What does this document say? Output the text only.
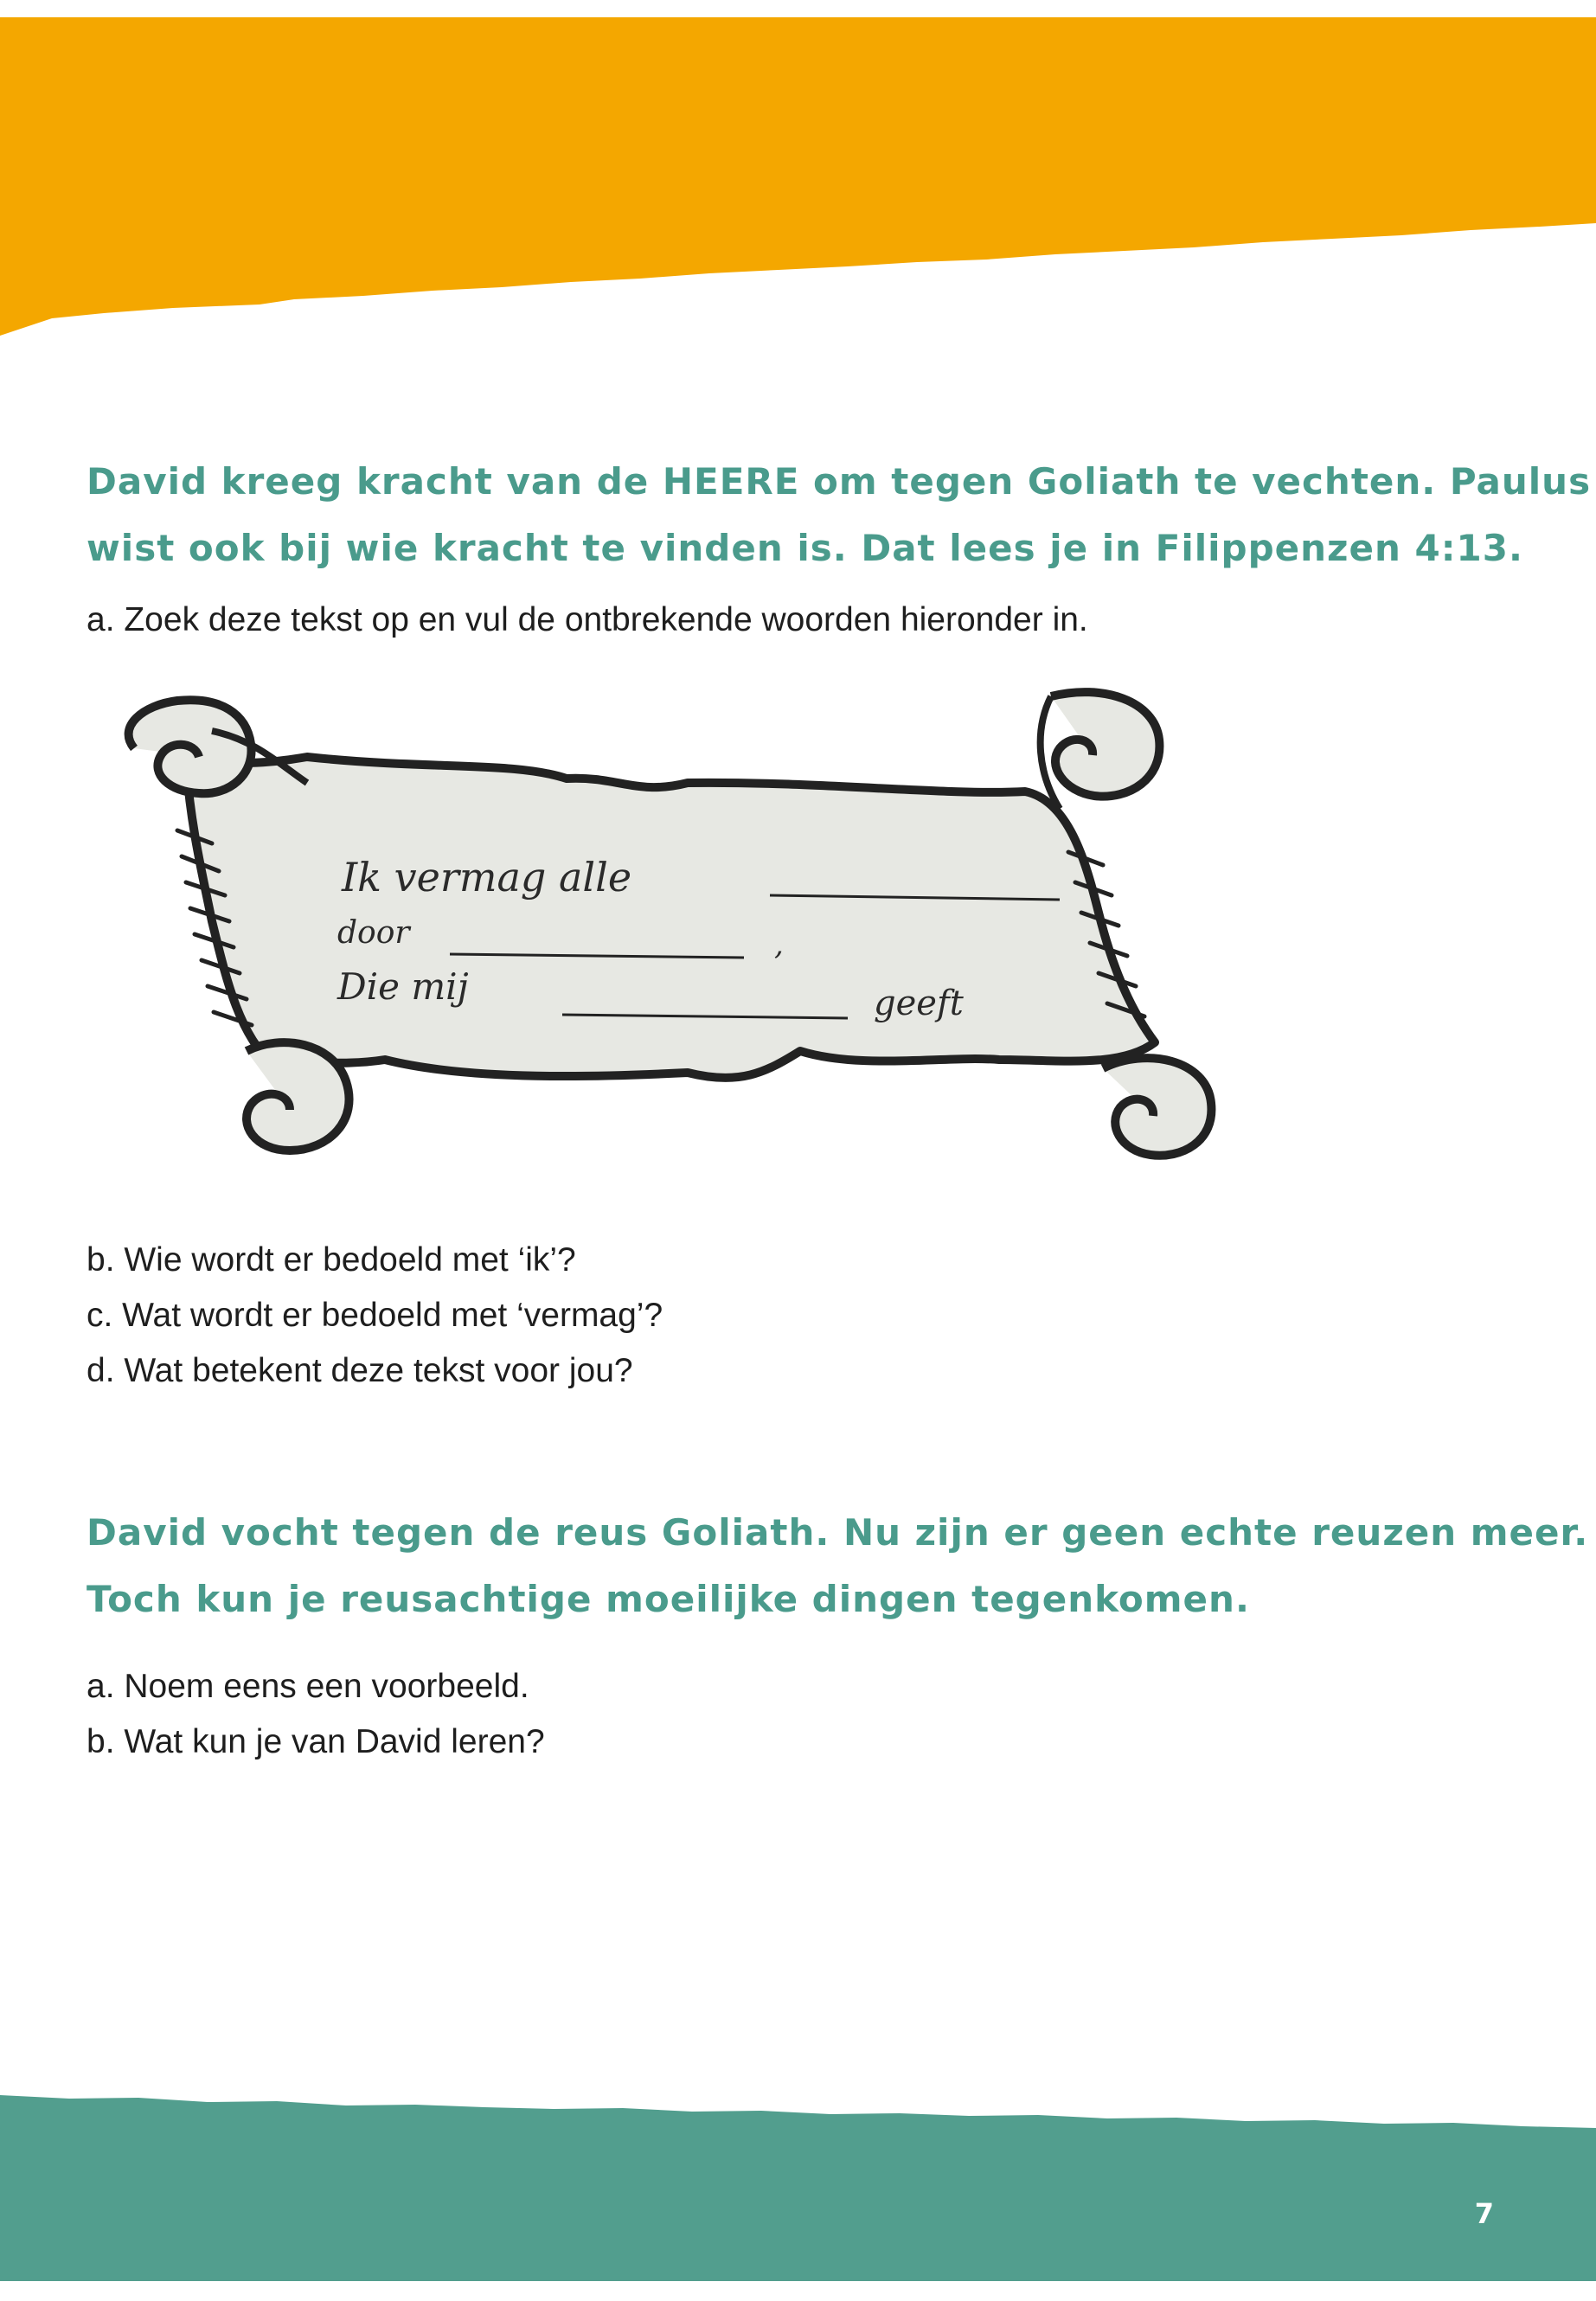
David kreeg kracht van de HEERE om tegen Goliath te vechten. Paulus
wist ook bij wie kracht te vinden is. Dat lees je in Filippenzen 4:13.
a. Zoek deze tekst op en vul de ontbrekende woorden hieronder in.
Ik vermag alle
door	,
Die mij	geeft
b. Wie wordt er bedoeld met ‘ik’?
c. Wat wordt er bedoeld met ‘vermag’?
d. Wat betekent deze tekst voor jou?
David vocht tegen de reus Goliath. Nu zijn er geen echte reuzen meer.
Toch kun je reusachtige moeilijke dingen tegenkomen.
a. Noem eens een voorbeeld.
b. Wat kun je van David leren?
7
